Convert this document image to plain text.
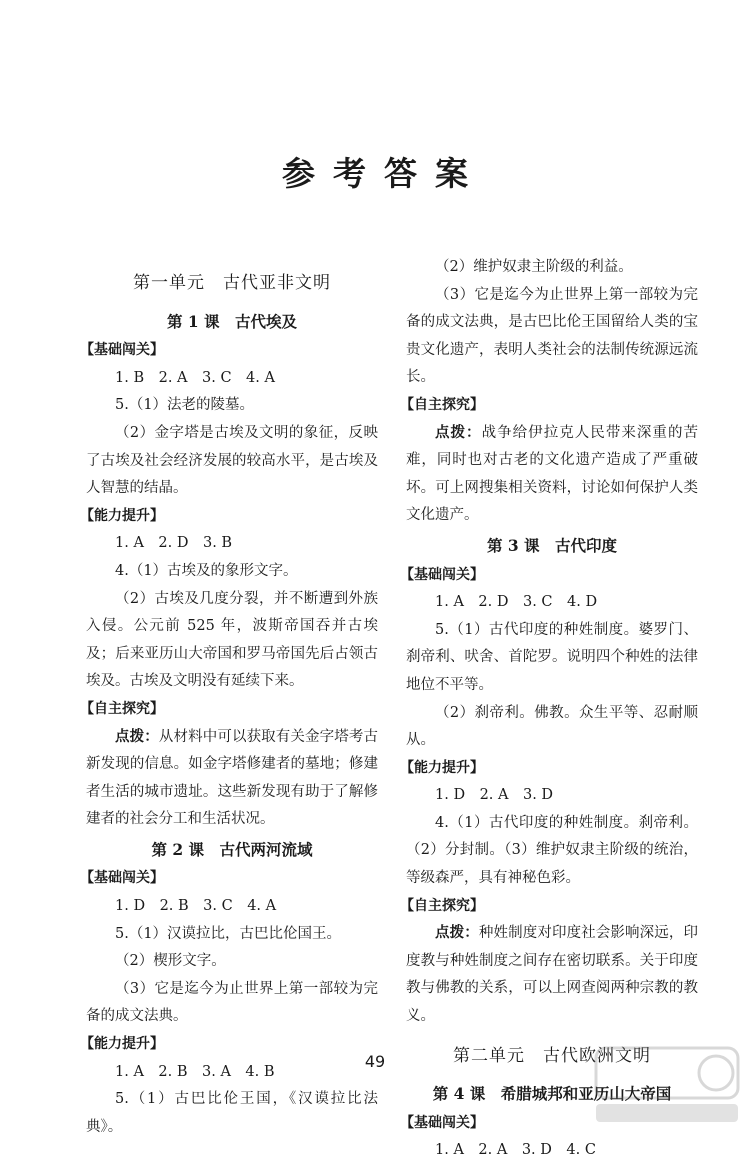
参考答案
第一单元　古代亚非文明
第 1 课　古代埃及
【基础闯关】
1. B　2. A　3. C　4. A
5.（1）法老的陵墓。
（2）金字塔是古埃及文明的象征，反映了古埃及社会经济发展的较高水平，是古埃及人智慧的结晶。
【能力提升】
1. A　2. D　3. B
4.（1）古埃及的象形文字。
（2）古埃及几度分裂，并不断遭到外族入侵。公元前 525 年，波斯帝国吞并古埃及；后来亚历山大帝国和罗马帝国先后占领古埃及。古埃及文明没有延续下来。
【自主探究】
点拨：从材料中可以获取有关金字塔考古新发现的信息。如金字塔修建者的墓地；修建者生活的城市遗址。这些新发现有助于了解修建者的社会分工和生活状况。
第 2 课　古代两河流域
【基础闯关】
1. D　2. B　3. C　4. A
5.（1）汉谟拉比，古巴比伦国王。
（2）楔形文字。
（3）它是迄今为止世界上第一部较为完备的成文法典。
【能力提升】
1. A　2. B　3. A　4. B
5.（1）古巴比伦王国，《汉谟拉比法典》。
（2）维护奴隶主阶级的利益。
（3）它是迄今为止世界上第一部较为完备的成文法典，是古巴比伦王国留给人类的宝贵文化遗产，表明人类社会的法制传统源远流长。
【自主探究】
点拨：战争给伊拉克人民带来深重的苦难，同时也对古老的文化遗产造成了严重破坏。可上网搜集相关资料，讨论如何保护人类文化遗产。
第 3 课　古代印度
【基础闯关】
1. A　2. D　3. C　4. D
5.（1）古代印度的种姓制度。婆罗门、刹帝利、吠舍、首陀罗。说明四个种姓的法律地位不平等。
（2）刹帝利。佛教。众生平等、忍耐顺从。
【能力提升】
1. D　2. A　3. D
4.（1）古代印度的种姓制度。刹帝利。（2）分封制。（3）维护奴隶主阶级的统治，等级森严，具有神秘色彩。
【自主探究】
点拨：种姓制度对印度社会影响深远，印度教与种姓制度之间存在密切联系。关于印度教与佛教的关系，可以上网查阅两种宗教的教义。
第二单元　古代欧洲文明
第 4 课　希腊城邦和亚历山大帝国
【基础闯关】
1. A　2. A　3. D　4. C
49
